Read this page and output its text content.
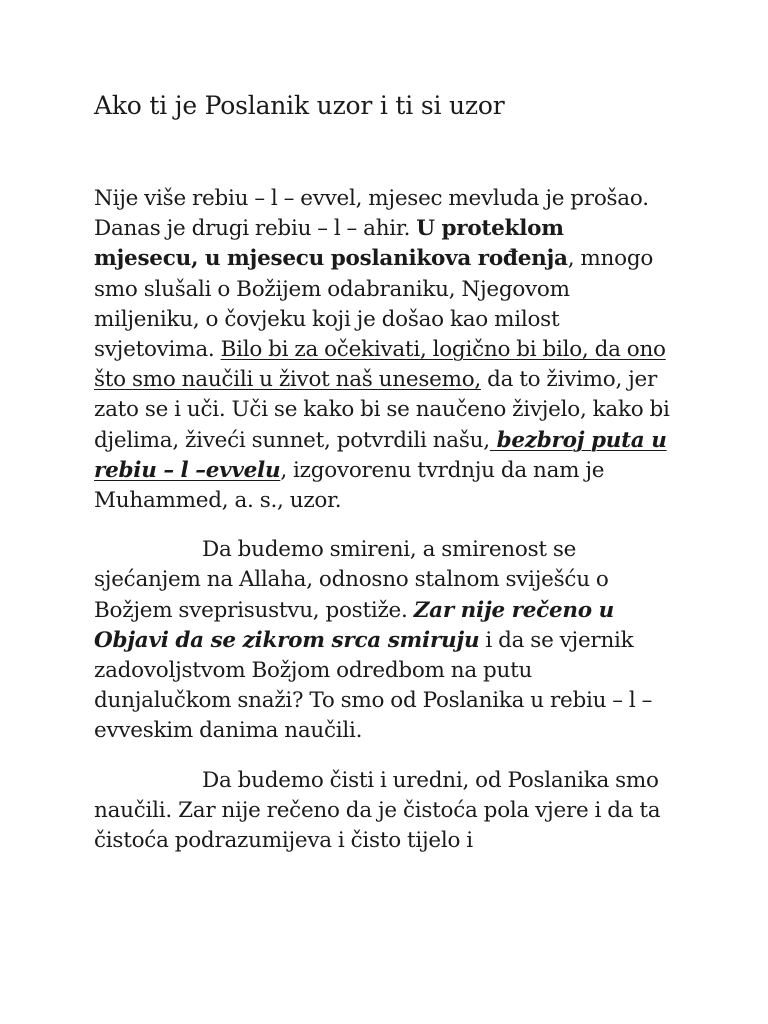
Ako ti je Poslanik uzor i ti si uzor

Nije više rebiu – l – evvel, mjesec mevluda je prošao. Danas je drugi rebiu – l – ahir. U proteklom mjesecu, u mjesecu poslanikova rođenja, mnogo smo slušali o Božijem odabraniku, Njegovom miljeniku, o čovjeku koji je došao kao milost svjetovima. Bilo bi za očekivati, logično bi bilo, da ono što smo naučili u život naš unesemo, da to živimo, jer zato se i uči. Uči se kako bi se naučeno živjelo, kako bi djelima, živeći sunnet, potvrdili našu, bezbroj puta u rebiu – l –evvelu, izgovorenu tvrdnju da nam je Muhammed, a. s., uzor.

Da budemo smireni, a smirenost se sjećanjem na Allaha, odnosno stalnom sviješću o Božjem sveprisustvu, postiže. Zar nije rečeno u Objavi da se zikrom srca smiruju i da se vjernik zadovoljstvom Božjom odredbom na putu dunjalučkom snaži? To smo od Poslanika u rebiu – l – evveskim danima naučili.

Da budemo čisti i uredni, od Poslanika smo naučili. Zar nije rečeno da je čistoća pola vjere i da ta čistoća podrazumijeva i čisto tijelo i
